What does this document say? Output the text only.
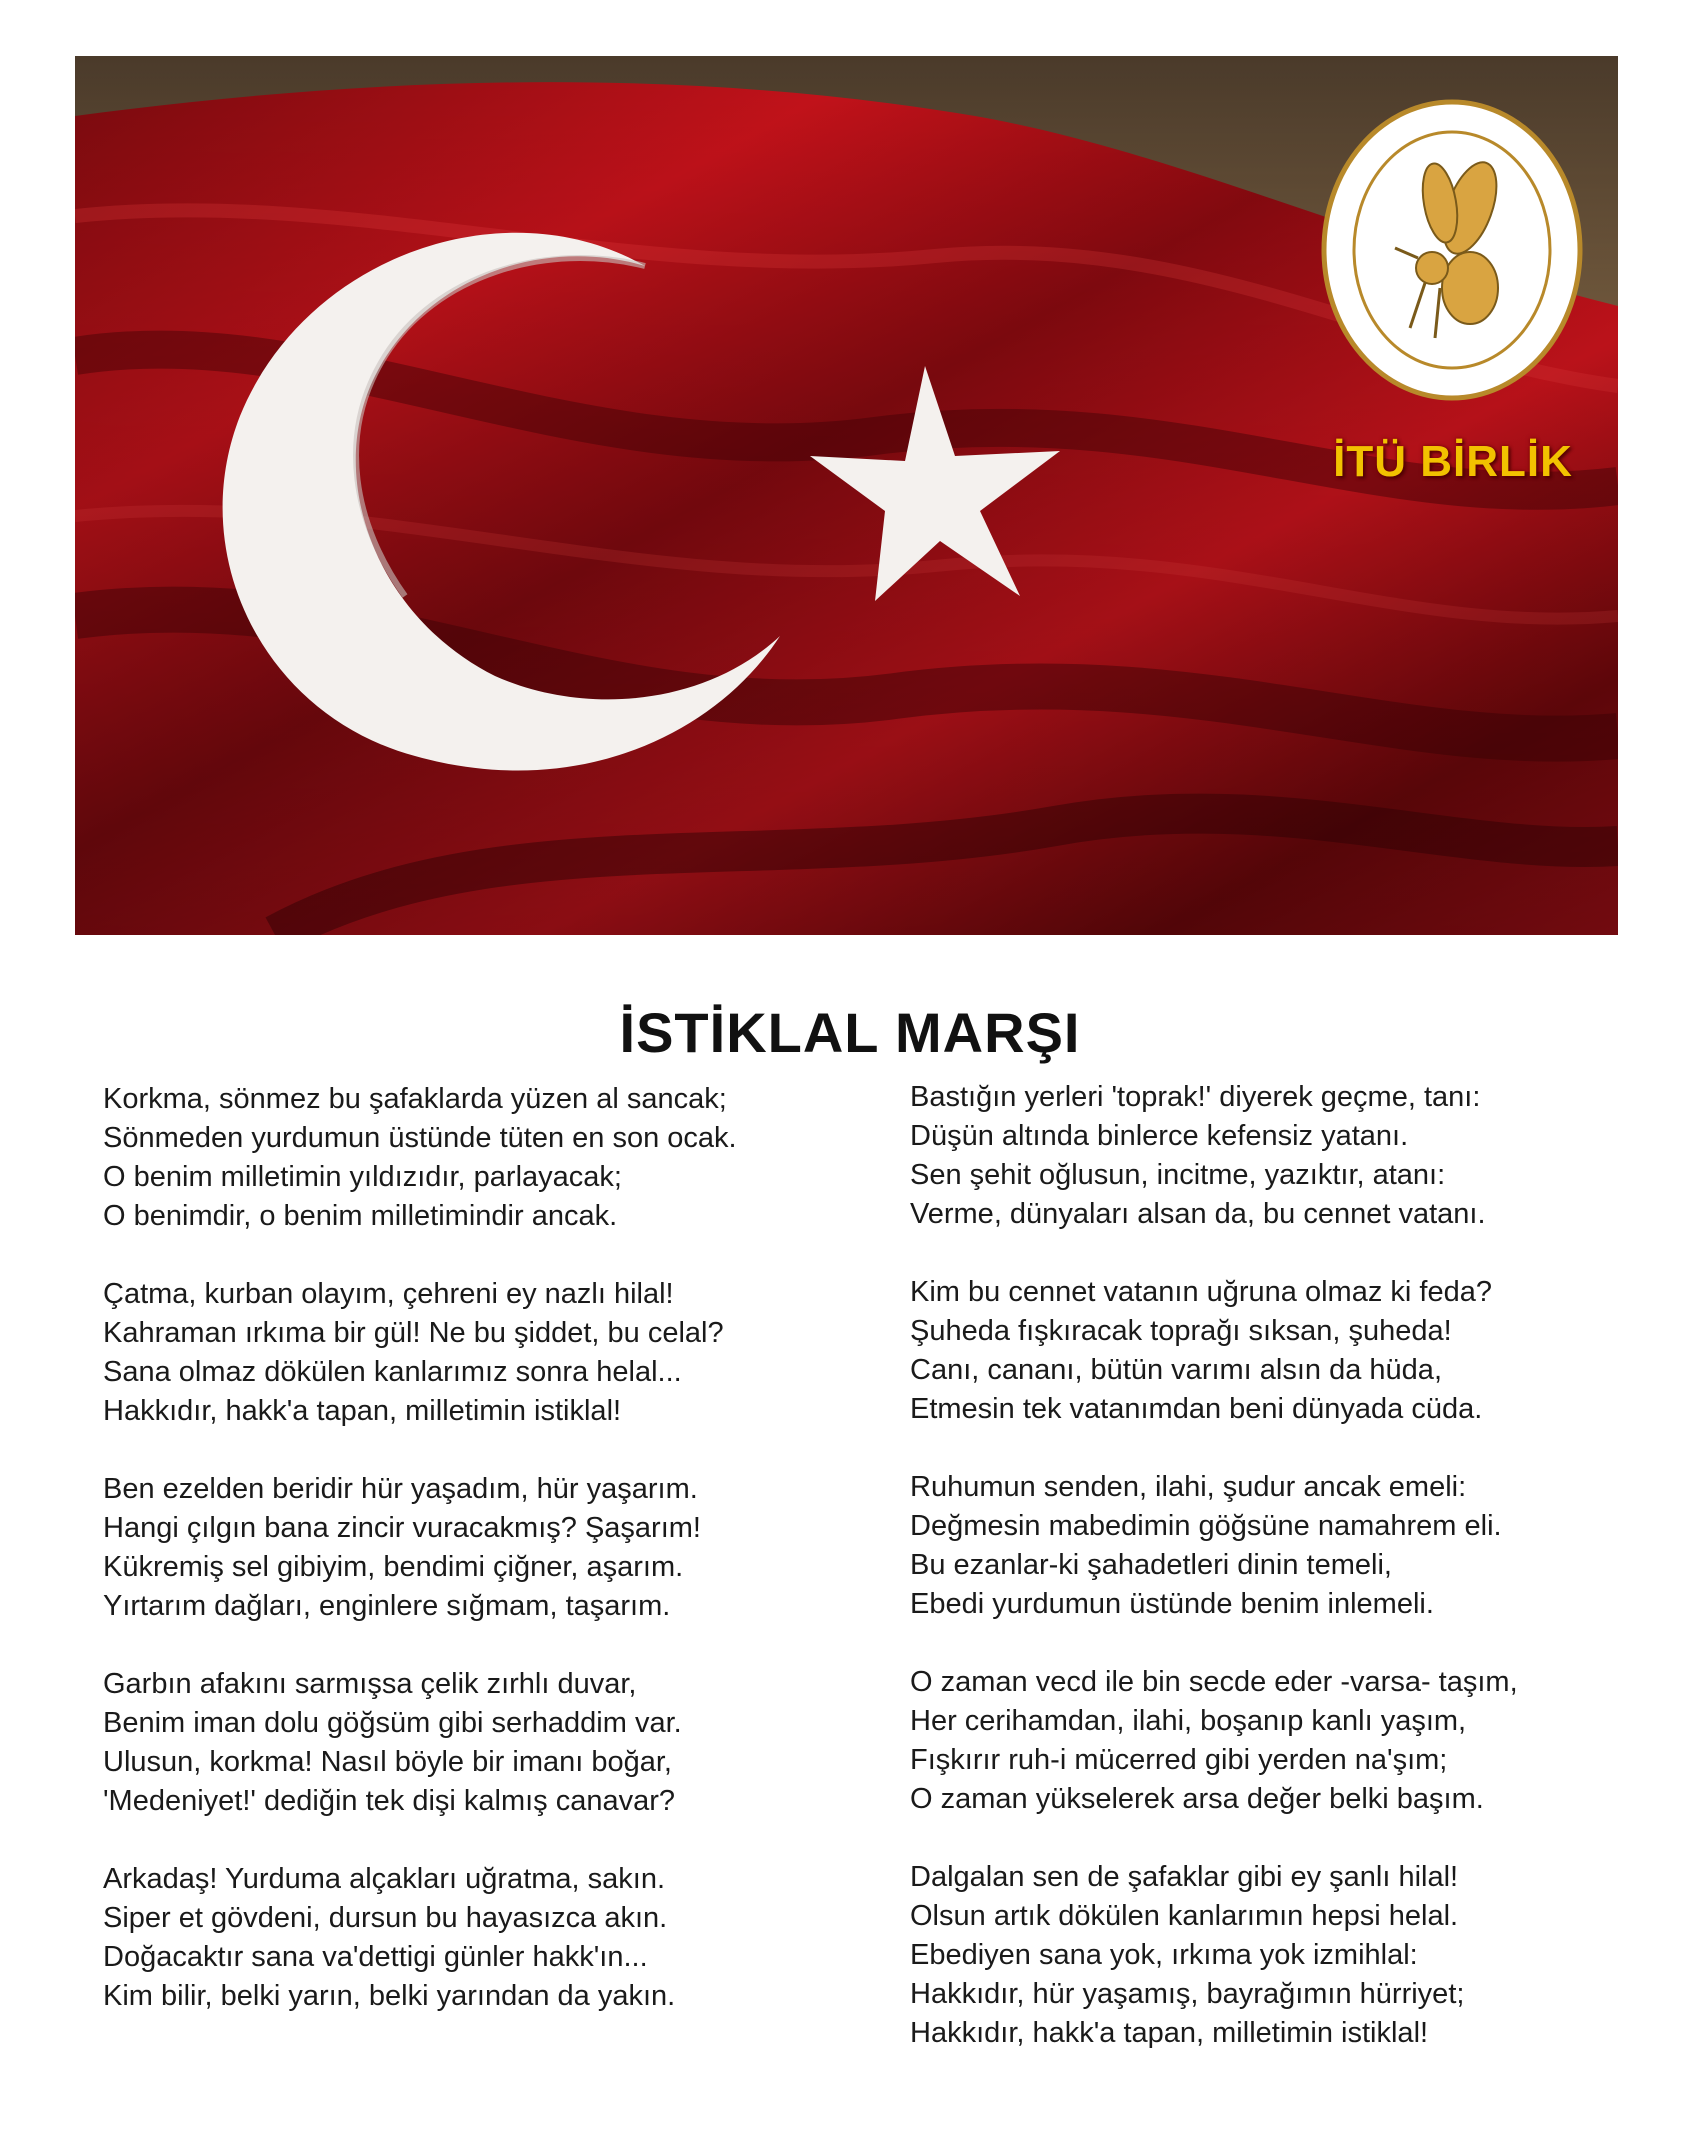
İTÜ BİRLİK
İSTİKLAL MARŞI
Korkma, sönmez bu şafaklarda yüzen al sancak;
Sönmeden yurdumun üstünde tüten en son ocak.
O benim milletimin yıldızıdır, parlayacak;
O benimdir, o benim milletimindir ancak.
Çatma, kurban olayım, çehreni ey nazlı hilal!
Kahraman ırkıma bir gül! Ne bu şiddet, bu celal?
Sana olmaz dökülen kanlarımız sonra helal...
Hakkıdır, hakk'a tapan, milletimin istiklal!
Ben ezelden beridir hür yaşadım, hür yaşarım.
Hangi çılgın bana zincir vuracakmış? Şaşarım!
Kükremiş sel gibiyim, bendimi çiğner, aşarım.
Yırtarım dağları, enginlere sığmam, taşarım.
Garbın afakını sarmışsa çelik zırhlı duvar,
Benim iman dolu göğsüm gibi serhaddim var.
Ulusun, korkma! Nasıl böyle bir imanı boğar,
'Medeniyet!' dediğin tek dişi kalmış canavar?
Arkadaş! Yurduma alçakları uğratma, sakın.
Siper et gövdeni, dursun bu hayasızca akın.
Doğacaktır sana va'dettigi günler hakk'ın...
Kim bilir, belki yarın, belki yarından da yakın.
Bastığın yerleri 'toprak!' diyerek geçme, tanı:
Düşün altında binlerce kefensiz yatanı.
Sen şehit oğlusun, incitme, yazıktır, atanı:
Verme, dünyaları alsan da, bu cennet vatanı.
Kim bu cennet vatanın uğruna olmaz ki feda?
Şuheda fışkıracak toprağı sıksan, şuheda!
Canı, cananı, bütün varımı alsın da hüda,
Etmesin tek vatanımdan beni dünyada cüda.
Ruhumun senden, ilahi, şudur ancak emeli:
Değmesin mabedimin göğsüne namahrem eli.
Bu ezanlar-ki şahadetleri dinin temeli,
Ebedi yurdumun üstünde benim inlemeli.
O zaman vecd ile bin secde eder -varsa- taşım,
Her cerihamdan, ilahi, boşanıp kanlı yaşım,
Fışkırır ruh-i mücerred gibi yerden na'şım;
O zaman yükselerek arsa değer belki başım.
Dalgalan sen de şafaklar gibi ey şanlı hilal!
Olsun artık dökülen kanlarımın hepsi helal.
Ebediyen sana yok, ırkıma yok izmihlal:
Hakkıdır, hür yaşamış, bayrağımın hürriyet;
Hakkıdır, hakk'a tapan, milletimin istiklal!
